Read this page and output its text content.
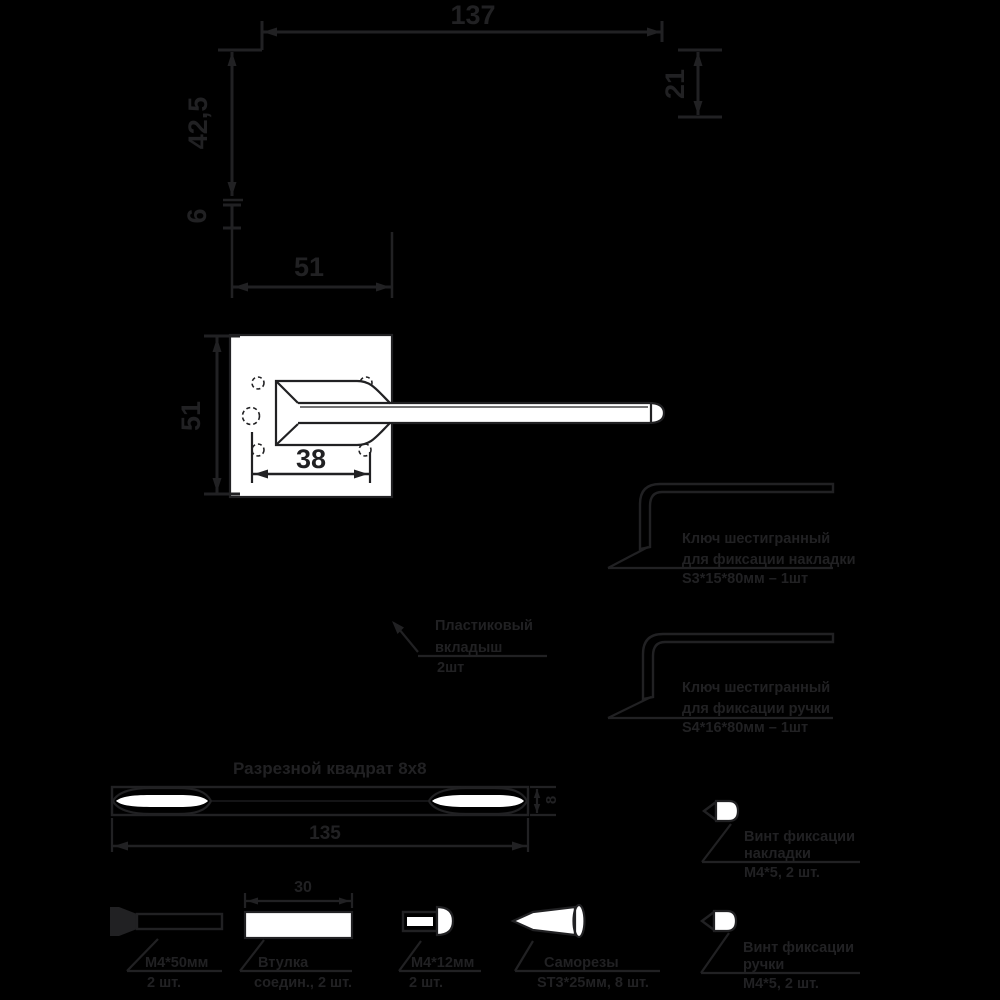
137
42,5
6
21
51
51
38
Ключ шестигранный
для фиксации накладки
S3*15*80мм – 1шт
Ключ шестигранный
для фиксации ручки
S4*16*80мм – 1шт
Пластиковый
вкладыш
2шт
Разрезной квадрат 8х8
8
135
М4*50мм
2 шт.
30
Втулка
соедин., 2 шт.
М4*12мм
2 шт.
Саморезы
ST3*25мм, 8 шт.
Винт фиксации
накладки
М4*5, 2 шт.
Винт фиксации
ручки
М4*5, 2 шт.
